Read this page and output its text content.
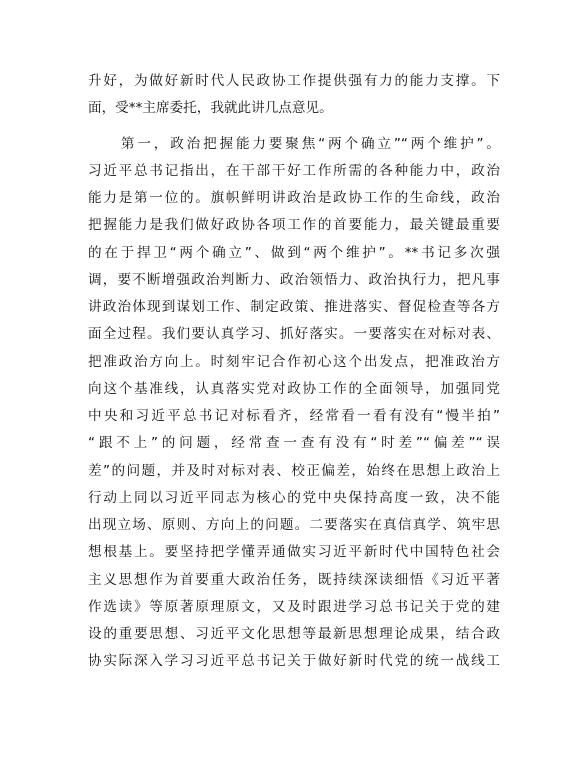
升好，为做好新时代人民政协工作提供强有力的能力支撑。下
面，受**主席委托，我就此讲几点意见。
　　第一，政治把握能力要聚焦“两个确立”“两个维护”。
习近平总书记指出，在干部干好工作所需的各种能力中，政治
能力是第一位的。旗帜鲜明讲政治是政协工作的生命线，政治
把握能力是我们做好政协各项工作的首要能力，最关键最重要
的在于捍卫“两个确立”、做到“两个维护”。**书记多次强
调，要不断增强政治判断力、政治领悟力、政治执行力，把凡事
讲政治体现到谋划工作、制定政策、推进落实、督促检查等各方
面全过程。我们要认真学习、抓好落实。一要落实在对标对表、
把准政治方向上。时刻牢记合作初心这个出发点，把准政治方
向这个基准线，认真落实党对政协工作的全面领导，加强同党
中央和习近平总书记对标看齐，经常看一看有没有“慢半拍”
“跟不上”的问题，经常查一查有没有“时差”“偏差”“误
差”的问题，并及时对标对表、校正偏差，始终在思想上政治上
行动上同以习近平同志为核心的党中央保持高度一致，决不能
出现立场、原则、方向上的问题。二要落实在真信真学、筑牢思
想根基上。要坚持把学懂弄通做实习近平新时代中国特色社会
主义思想作为首要重大政治任务，既持续深读细悟《习近平著
作选读》等原著原理原文，又及时跟进学习总书记关于党的建
设的重要思想、习近平文化思想等最新思想理论成果，结合政
协实际深入学习习近平总书记关于做好新时代党的统一战线工
